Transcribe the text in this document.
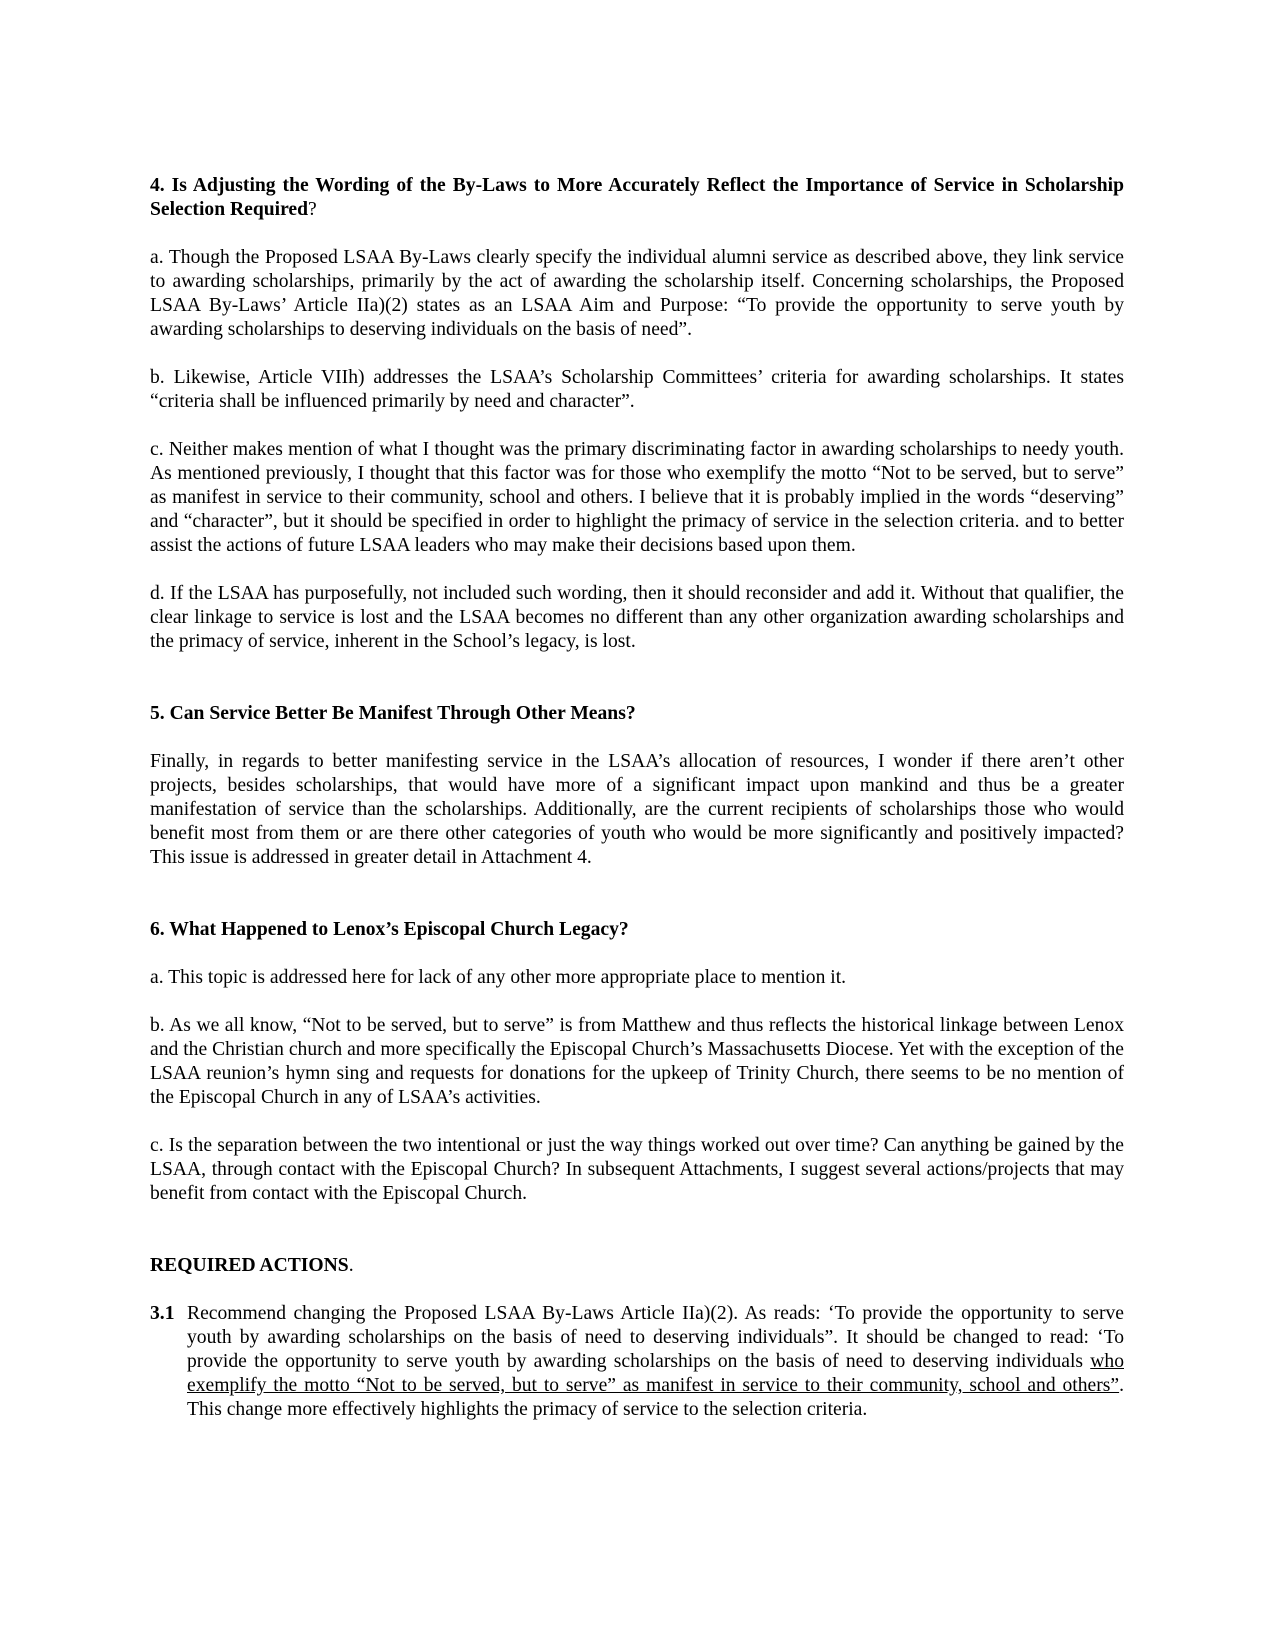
4. Is Adjusting the Wording of the By-Laws to More Accurately Reflect the Importance of Service in Scholarship Selection Required?

a. Though the Proposed LSAA By-Laws clearly specify the individual alumni service as described above, they link service to awarding scholarships, primarily by the act of awarding the scholarship itself. Concerning scholarships, the Proposed LSAA By-Laws’ Article IIa)(2) states as an LSAA Aim and Purpose: “To provide the opportunity to serve youth by awarding scholarships to deserving individuals on the basis of need”.

b. Likewise, Article VIIh) addresses the LSAA’s Scholarship Committees’ criteria for awarding scholarships. It states “criteria shall be influenced primarily by need and character”.

c. Neither makes mention of what I thought was the primary discriminating factor in awarding scholarships to needy youth. As mentioned previously, I thought that this factor was for those who exemplify the motto “Not to be served, but to serve” as manifest in service to their community, school and others. I believe that it is probably implied in the words “deserving” and “character”, but it should be specified in order to highlight the primacy of service in the selection criteria. and to better assist the actions of future LSAA leaders who may make their decisions based upon them.

d. If the LSAA has purposefully, not included such wording, then it should reconsider and add it. Without that qualifier, the clear linkage to service is lost and the LSAA becomes no different than any other organization awarding scholarships and the primacy of service, inherent in the School’s legacy, is lost.

5. Can Service Better Be Manifest Through Other Means?

Finally, in regards to better manifesting service in the LSAA’s allocation of resources, I wonder if there aren’t other projects, besides scholarships, that would have more of a significant impact upon mankind and thus be a greater manifestation of service than the scholarships. Additionally, are the current recipients of scholarships those who would benefit most from them or are there other categories of youth who would be more significantly and positively impacted? This issue is addressed in greater detail in Attachment 4.

6. What Happened to Lenox’s Episcopal Church Legacy?

a. This topic is addressed here for lack of any other more appropriate place to mention it.

b. As we all know, “Not to be served, but to serve” is from Matthew and thus reflects the historical linkage between Lenox and the Christian church and more specifically the Episcopal Church’s Massachusetts Diocese. Yet with the exception of the LSAA reunion’s hymn sing and requests for donations for the upkeep of Trinity Church, there seems to be no mention of the Episcopal Church in any of LSAA’s activities.

c. Is the separation between the two intentional or just the way things worked out over time? Can anything be gained by the LSAA, through contact with the Episcopal Church? In subsequent Attachments, I suggest several actions/projects that may benefit from contact with the Episcopal Church.

REQUIRED ACTIONS.

3.1 Recommend changing the Proposed LSAA By-Laws Article IIa)(2). As reads: ‘To provide the opportunity to serve youth by awarding scholarships on the basis of need to deserving individuals”. It should be changed to read: ‘To provide the opportunity to serve youth by awarding scholarships on the basis of need to deserving individuals who exemplify the motto “Not to be served, but to serve” as manifest in service to their community, school and others”. This change more effectively highlights the primacy of service to the selection criteria.
